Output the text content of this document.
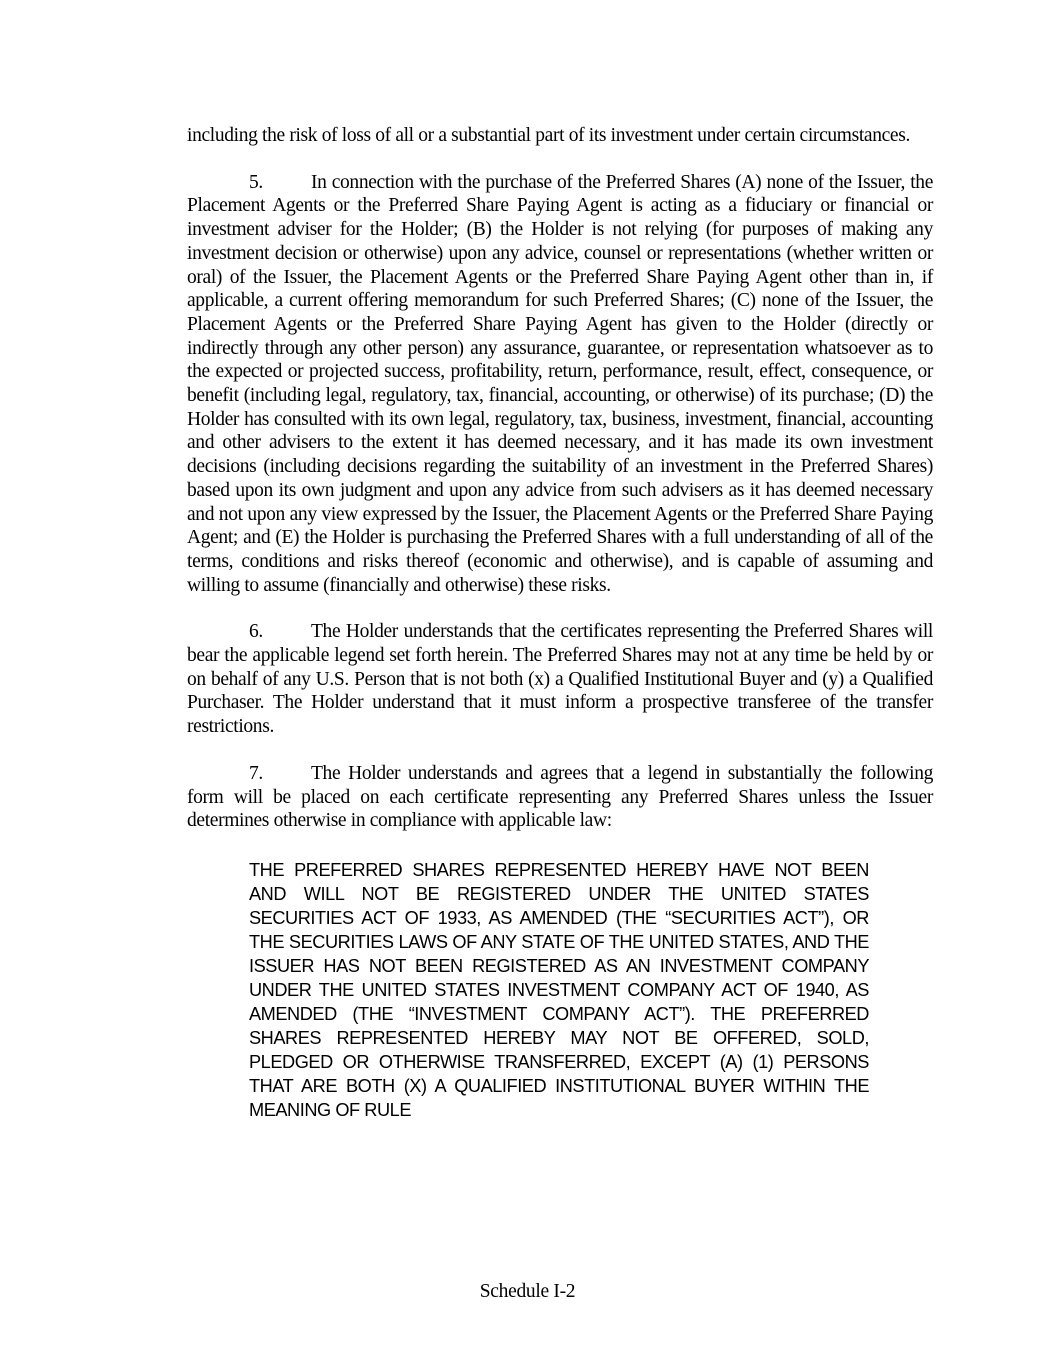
including the risk of loss of all or a substantial part of its investment under certain circumstances.

5. In connection with the purchase of the Preferred Shares (A) none of the Issuer, the Placement Agents or the Preferred Share Paying Agent is acting as a fiduciary or financial or investment adviser for the Holder; (B) the Holder is not relying (for purposes of making any investment decision or otherwise) upon any advice, counsel or representations (whether written or oral) of the Issuer, the Placement Agents or the Preferred Share Paying Agent other than in, if applicable, a current offering memorandum for such Preferred Shares; (C) none of the Issuer, the Placement Agents or the Preferred Share Paying Agent has given to the Holder (directly or indirectly through any other person) any assurance, guarantee, or representation whatsoever as to the expected or projected success, profitability, return, performance, result, effect, consequence, or benefit (including legal, regulatory, tax, financial, accounting, or otherwise) of its purchase; (D) the Holder has consulted with its own legal, regulatory, tax, business, investment, financial, accounting and other advisers to the extent it has deemed necessary, and it has made its own investment decisions (including decisions regarding the suitability of an investment in the Preferred Shares) based upon its own judgment and upon any advice from such advisers as it has deemed necessary and not upon any view expressed by the Issuer, the Placement Agents or the Preferred Share Paying Agent; and (E) the Holder is purchasing the Preferred Shares with a full understanding of all of the terms, conditions and risks thereof (economic and otherwise), and is capable of assuming and willing to assume (financially and otherwise) these risks.

6. The Holder understands that the certificates representing the Preferred Shares will bear the applicable legend set forth herein. The Preferred Shares may not at any time be held by or on behalf of any U.S. Person that is not both (x) a Qualified Institutional Buyer and (y) a Qualified Purchaser. The Holder understand that it must inform a prospective transferee of the transfer restrictions.

7. The Holder understands and agrees that a legend in substantially the following form will be placed on each certificate representing any Preferred Shares unless the Issuer determines otherwise in compliance with applicable law:

THE PREFERRED SHARES REPRESENTED HEREBY HAVE NOT BEEN AND WILL NOT BE REGISTERED UNDER THE UNITED STATES SECURITIES ACT OF 1933, AS AMENDED (THE “SECURITIES ACT”), OR THE SECURITIES LAWS OF ANY STATE OF THE UNITED STATES, AND THE ISSUER HAS NOT BEEN REGISTERED AS AN INVESTMENT COMPANY UNDER THE UNITED STATES INVESTMENT COMPANY ACT OF 1940, AS AMENDED (THE “INVESTMENT COMPANY ACT”). THE PREFERRED SHARES REPRESENTED HEREBY MAY NOT BE OFFERED, SOLD, PLEDGED OR OTHERWISE TRANSFERRED, EXCEPT (A) (1) PERSONS THAT ARE BOTH (X) A QUALIFIED INSTITUTIONAL BUYER WITHIN THE MEANING OF RULE
Schedule I-2
